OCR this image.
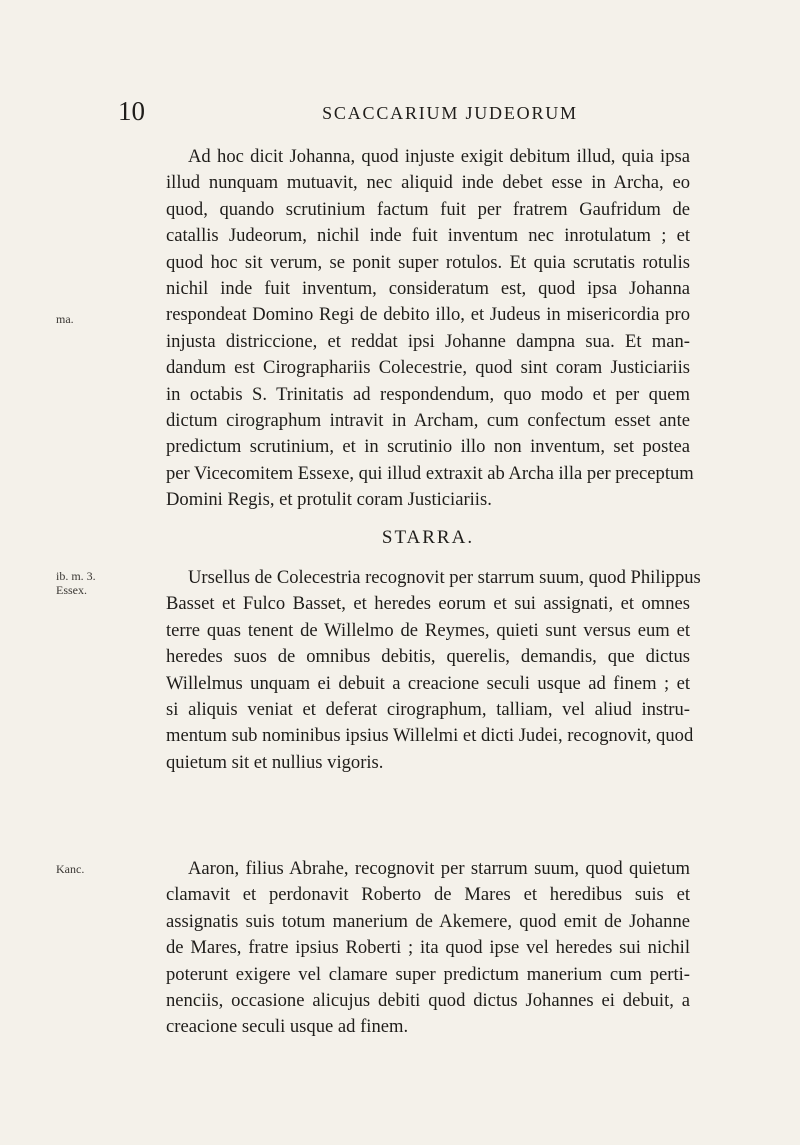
10	SCACCARIUM JUDEORUM
Ad hoc dicit Johanna, quod injuste exigit debitum illud, quia ipsa
illud nunquam mutuavit, nec aliquid inde debet esse in Archa, eo
quod, quando scrutinium factum fuit per fratrem Gaufridum de
catallis Judeorum, nichil inde fuit inventum nec inrotulatum ; et
quod hoc sit verum, se ponit super rotulos. Et quia scrutatis rotulis
nichil inde fuit inventum, consideratum est, quod ipsa Johanna
respondeat Domino Regi de debito illo, et Judeus in misericordia pro
injusta districcione, et reddat ipsi Johanne dampna sua. Et man-
dandum est Cirographariis Colecestrie, quod sint coram Justiciariis
in octabis S. Trinitatis ad respondendum, quo modo et per quem
dictum cirographum intravit in Archam, cum confectum esset ante
predictum scrutinium, et in scrutinio illo non inventum, set postea
per Vicecomitem Essexe, qui illud extraxit ab Archa illa per preceptum
Domini Regis, et protulit coram Justiciariis.
ma.
STARRA.
ib. m. 3.
Essex.
Ursellus de Colecestria recognovit per starrum suum, quod Philippus
Basset et Fulco Basset, et heredes eorum et sui assignati, et omnes
terre quas tenent de Willelmo de Reymes, quieti sunt versus eum et
heredes suos de omnibus debitis, querelis, demandis, que dictus
Willelmus unquam ei debuit a creacione seculi usque ad finem ; et
si aliquis veniat et deferat cirographum, talliam, vel aliud instru-
mentum sub nominibus ipsius Willelmi et dicti Judei, recognovit, quod
quietum sit et nullius vigoris.
Kanc.	Aaron, filius Abrahe, recognovit per starrum suum, quod quietum
clamavit et perdonavit Roberto de Mares et heredibus suis et
assignatis suis totum manerium de Akemere, quod emit de Johanne
de Mares, fratre ipsius Roberti ; ita quod ipse vel heredes sui nichil
poterunt exigere vel clamare super predictum manerium cum perti-
nenciis, occasione alicujus debiti quod dictus Johannes ei debuit, a
creacione seculi usque ad finem.
